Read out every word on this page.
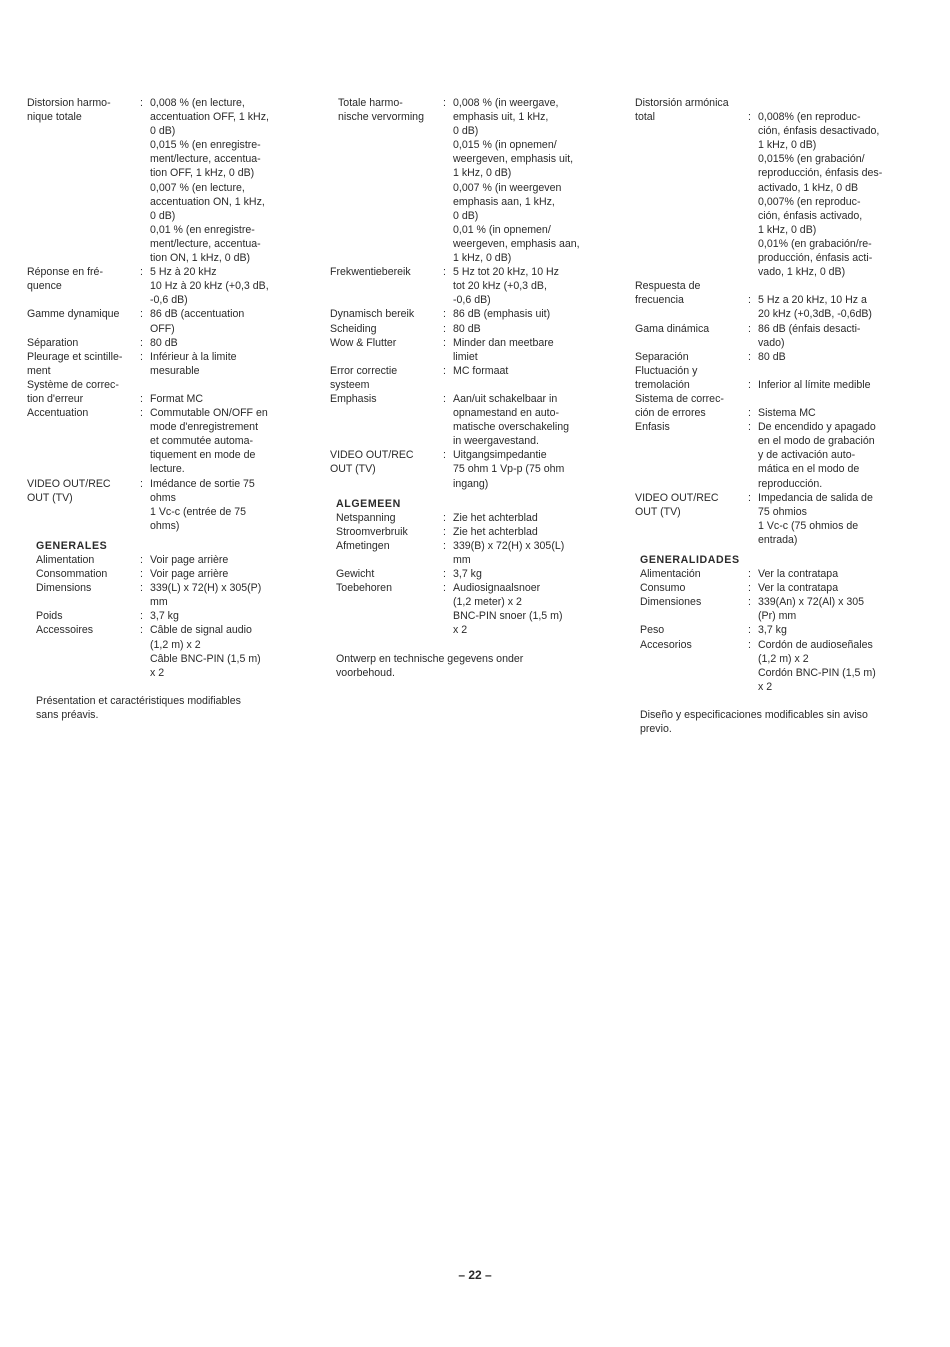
Distorsion harmo-
nique totale
: 0,008 % (en lecture,
accentuation OFF, 1 kHz,
0 dB)
0,015 % (en enregistre-
ment/lecture, accentua-
tion OFF, 1 kHz, 0 dB)
0,007 % (en lecture,
accentuation ON, 1 kHz,
0 dB)
0,01 % (en enregistre-
ment/lecture, accentua-
tion ON, 1 kHz, 0 dB)
Réponse en fré-
quence
: 5 Hz à 20 kHz
10 Hz à 20 kHz (+0,3 dB,
-0,6 dB)
Gamme dynamique	: 86 dB (accentuation
OFF)
Séparation	: 80 dB
Pleurage et scintille-
ment
: Inférieur à la limite
mesurable
Système de correc-
tion d'erreur	:
Format MC
Accentuation	: Commutable ON/OFF en
mode d'enregistrement
et commutée automa-
tiquement en mode de
lecture.
VIDEO OUT/REC
OUT (TV)
: Imédance de sortie 75
ohms
1 Vc-c (entrée de 75
ohms)
GENERALES
Alimentation	: Voir page arrière
Consommation	: Voir page arrière
Dimensions	: 339(L) x 72(H) x 305(P)
mm
Poids	: 3,7 kg
Accessoires	: Câble de signal audio
(1,2 m) x 2
Câble BNC-PIN (1,5 m)
x 2
Présentation et caractéristiques modifiables
sans préavis.
Totale harmo-
nische vervorming
: 0,008 % (in weergave,
emphasis uit, 1 kHz,
0 dB)
0,015 % (in opnemen/
weergeven, emphasis uit,
1 kHz, 0 dB)
0,007 % (in weergeven
emphasis aan, 1 kHz,
0 dB)
0,01 % (in opnemen/
weergeven, emphasis aan,
1 kHz, 0 dB)
Frekwentiebereik	: 5 Hz tot 20 kHz, 10 Hz
tot 20 kHz (+0,3 dB,
-0,6 dB)
Dynamisch bereik	: 86 dB (emphasis uit)
Scheiding	: 80 dB
Wow & Flutter	: Minder dan meetbare
limiet
Error correctie
systeem
: MC formaat
Emphasis	: Aan/uit schakelbaar in
opnamestand en auto-
matische overschakeling
in weergavestand.
VIDEO OUT/REC
OUT (TV)
: Uitgangsimpedantie
75 ohm 1 Vp-p (75 ohm
ingang)
ALGEMEEN
Netspanning	: Zie het achterblad
Stroomverbruik	: Zie het achterblad
Afmetingen	: 339(B) x 72(H) x 305(L)
mm
Gewicht	: 3,7 kg
Toebehoren	: Audiosignaalsnoer
(1,2 meter) x 2
BNC-PIN snoer (1,5 m)
x 2
Ontwerp en technische gegevens onder
voorbehoud.
Distorsión armónica
total	:
0,008% (en reproduc-
ción, énfasis desactivado,
1 kHz, 0 dB)
0,015% (en grabación/
reproducción, énfasis des-
activado, 1 kHz, 0 dB
0,007% (en reproduc-
ción, énfasis activado,
1 kHz, 0 dB)
0,01% (en grabación/re-
producción, énfasis acti-
vado, 1 kHz, 0 dB)
Respuesta de
frecuencia	:
5 Hz a 20 kHz, 10 Hz a
20 kHz (+0,3dB, -0,6dB)
Gama dinámica	: 86 dB (énfais desacti-
vado)
Separación	: 80 dB
Fluctuación y
tremolación	:
Inferior al límite medible
Sistema de correc-
ción de errores	:
Sistema MC
Enfasis	: De encendido y apagado
en el modo de grabación
y de activación auto-
mática en el modo de
reproducción.
VIDEO OUT/REC
OUT (TV)
: Impedancia de salida de
75 ohmios
1 Vc-c (75 ohmios de
entrada)
GENERALIDADES
Alimentación	: Ver la contratapa
Consumo	: Ver la contratapa
Dimensiones	: 339(An) x 72(Al) x 305
(Pr) mm
Peso	: 3,7 kg
Accesorios	: Cordón de audioseñales
(1,2 m) x 2
Cordón BNC-PIN (1,5 m)
x 2
Diseño y especificaciones modificables sin aviso
previo.
– 22 –
